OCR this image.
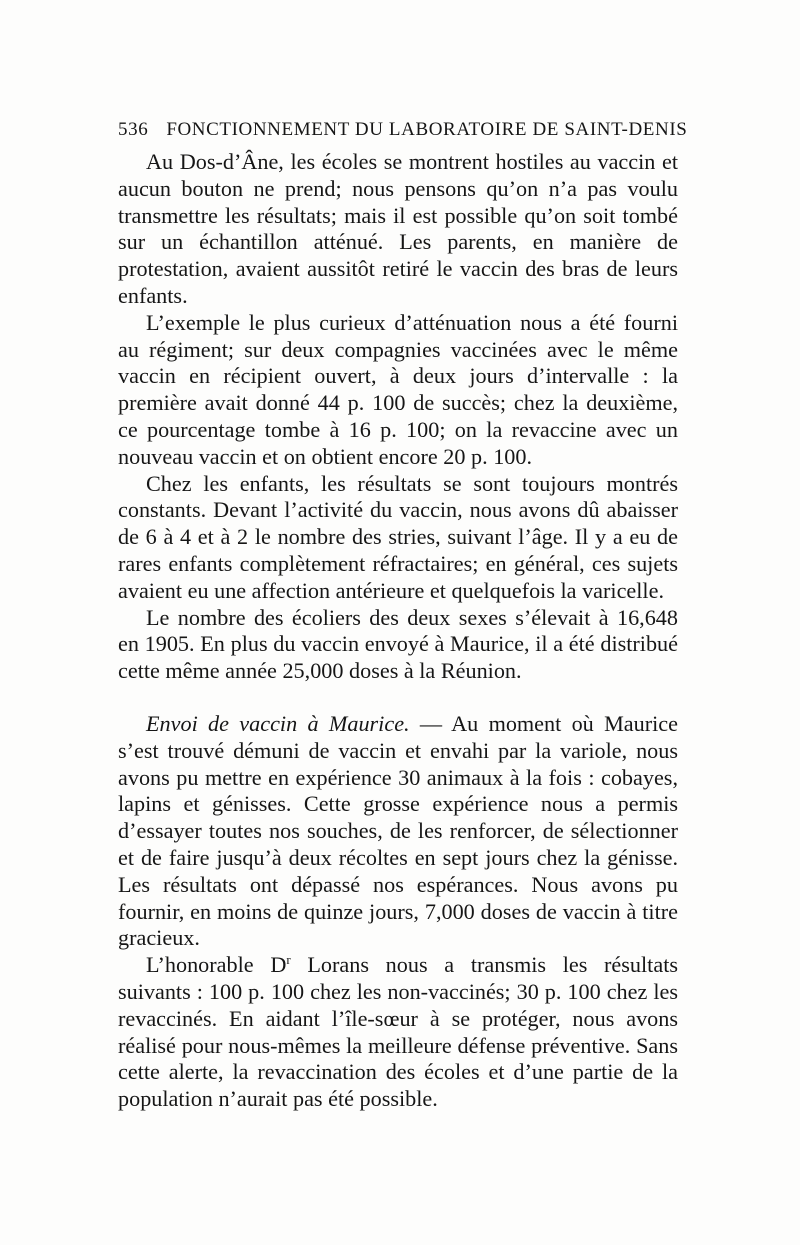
536 FONCTIONNEMENT DU LABORATOIRE DE SAINT-DENIS

Au Dos-d’Âne, les écoles se montrent hostiles au vaccin et aucun bouton ne prend; nous pensons qu’on n’a pas voulu transmettre les résultats; mais il est possible qu’on soit tombé sur un échantillon atténué. Les parents, en manière de protestation, avaient aussitôt retiré le vaccin des bras de leurs enfants.

L’exemple le plus curieux d’atténuation nous a été fourni au régiment; sur deux compagnies vaccinées avec le même vaccin en récipient ouvert, à deux jours d’intervalle : la première avait donné 44 p. 100 de succès; chez la deuxième, ce pourcentage tombe à 16 p. 100; on la revaccine avec un nouveau vaccin et on obtient encore 20 p. 100.

Chez les enfants, les résultats se sont toujours montrés constants. Devant l’activité du vaccin, nous avons dû abaisser de 6 à 4 et à 2 le nombre des stries, suivant l’âge. Il y a eu de rares enfants complètement réfractaires; en général, ces sujets avaient eu une affection antérieure et quelquefois la varicelle.

Le nombre des écoliers des deux sexes s’élevait à 16,648 en 1905. En plus du vaccin envoyé à Maurice, il a été distribué cette même année 25,000 doses à la Réunion.

Envoi de vaccin à Maurice. — Au moment où Maurice s’est trouvé démuni de vaccin et envahi par la variole, nous avons pu mettre en expérience 30 animaux à la fois : cobayes, lapins et génisses. Cette grosse expérience nous a permis d’essayer toutes nos souches, de les renforcer, de sélectionner et de faire jusqu’à deux récoltes en sept jours chez la génisse. Les résultats ont dépassé nos espérances. Nous avons pu fournir, en moins de quinze jours, 7,000 doses de vaccin à titre gracieux.

L’honorable $D^r$ Lorans nous a transmis les résultats suivants : 100 p. 100 chez les non-vaccinés; 30 p. 100 chez les revaccinés. En aidant l’île-sœur à se protéger, nous avons réalisé pour nous-mêmes la meilleure défense préventive. Sans cette alerte, la revaccination des écoles et d’une partie de la population n’aurait pas été possible.
